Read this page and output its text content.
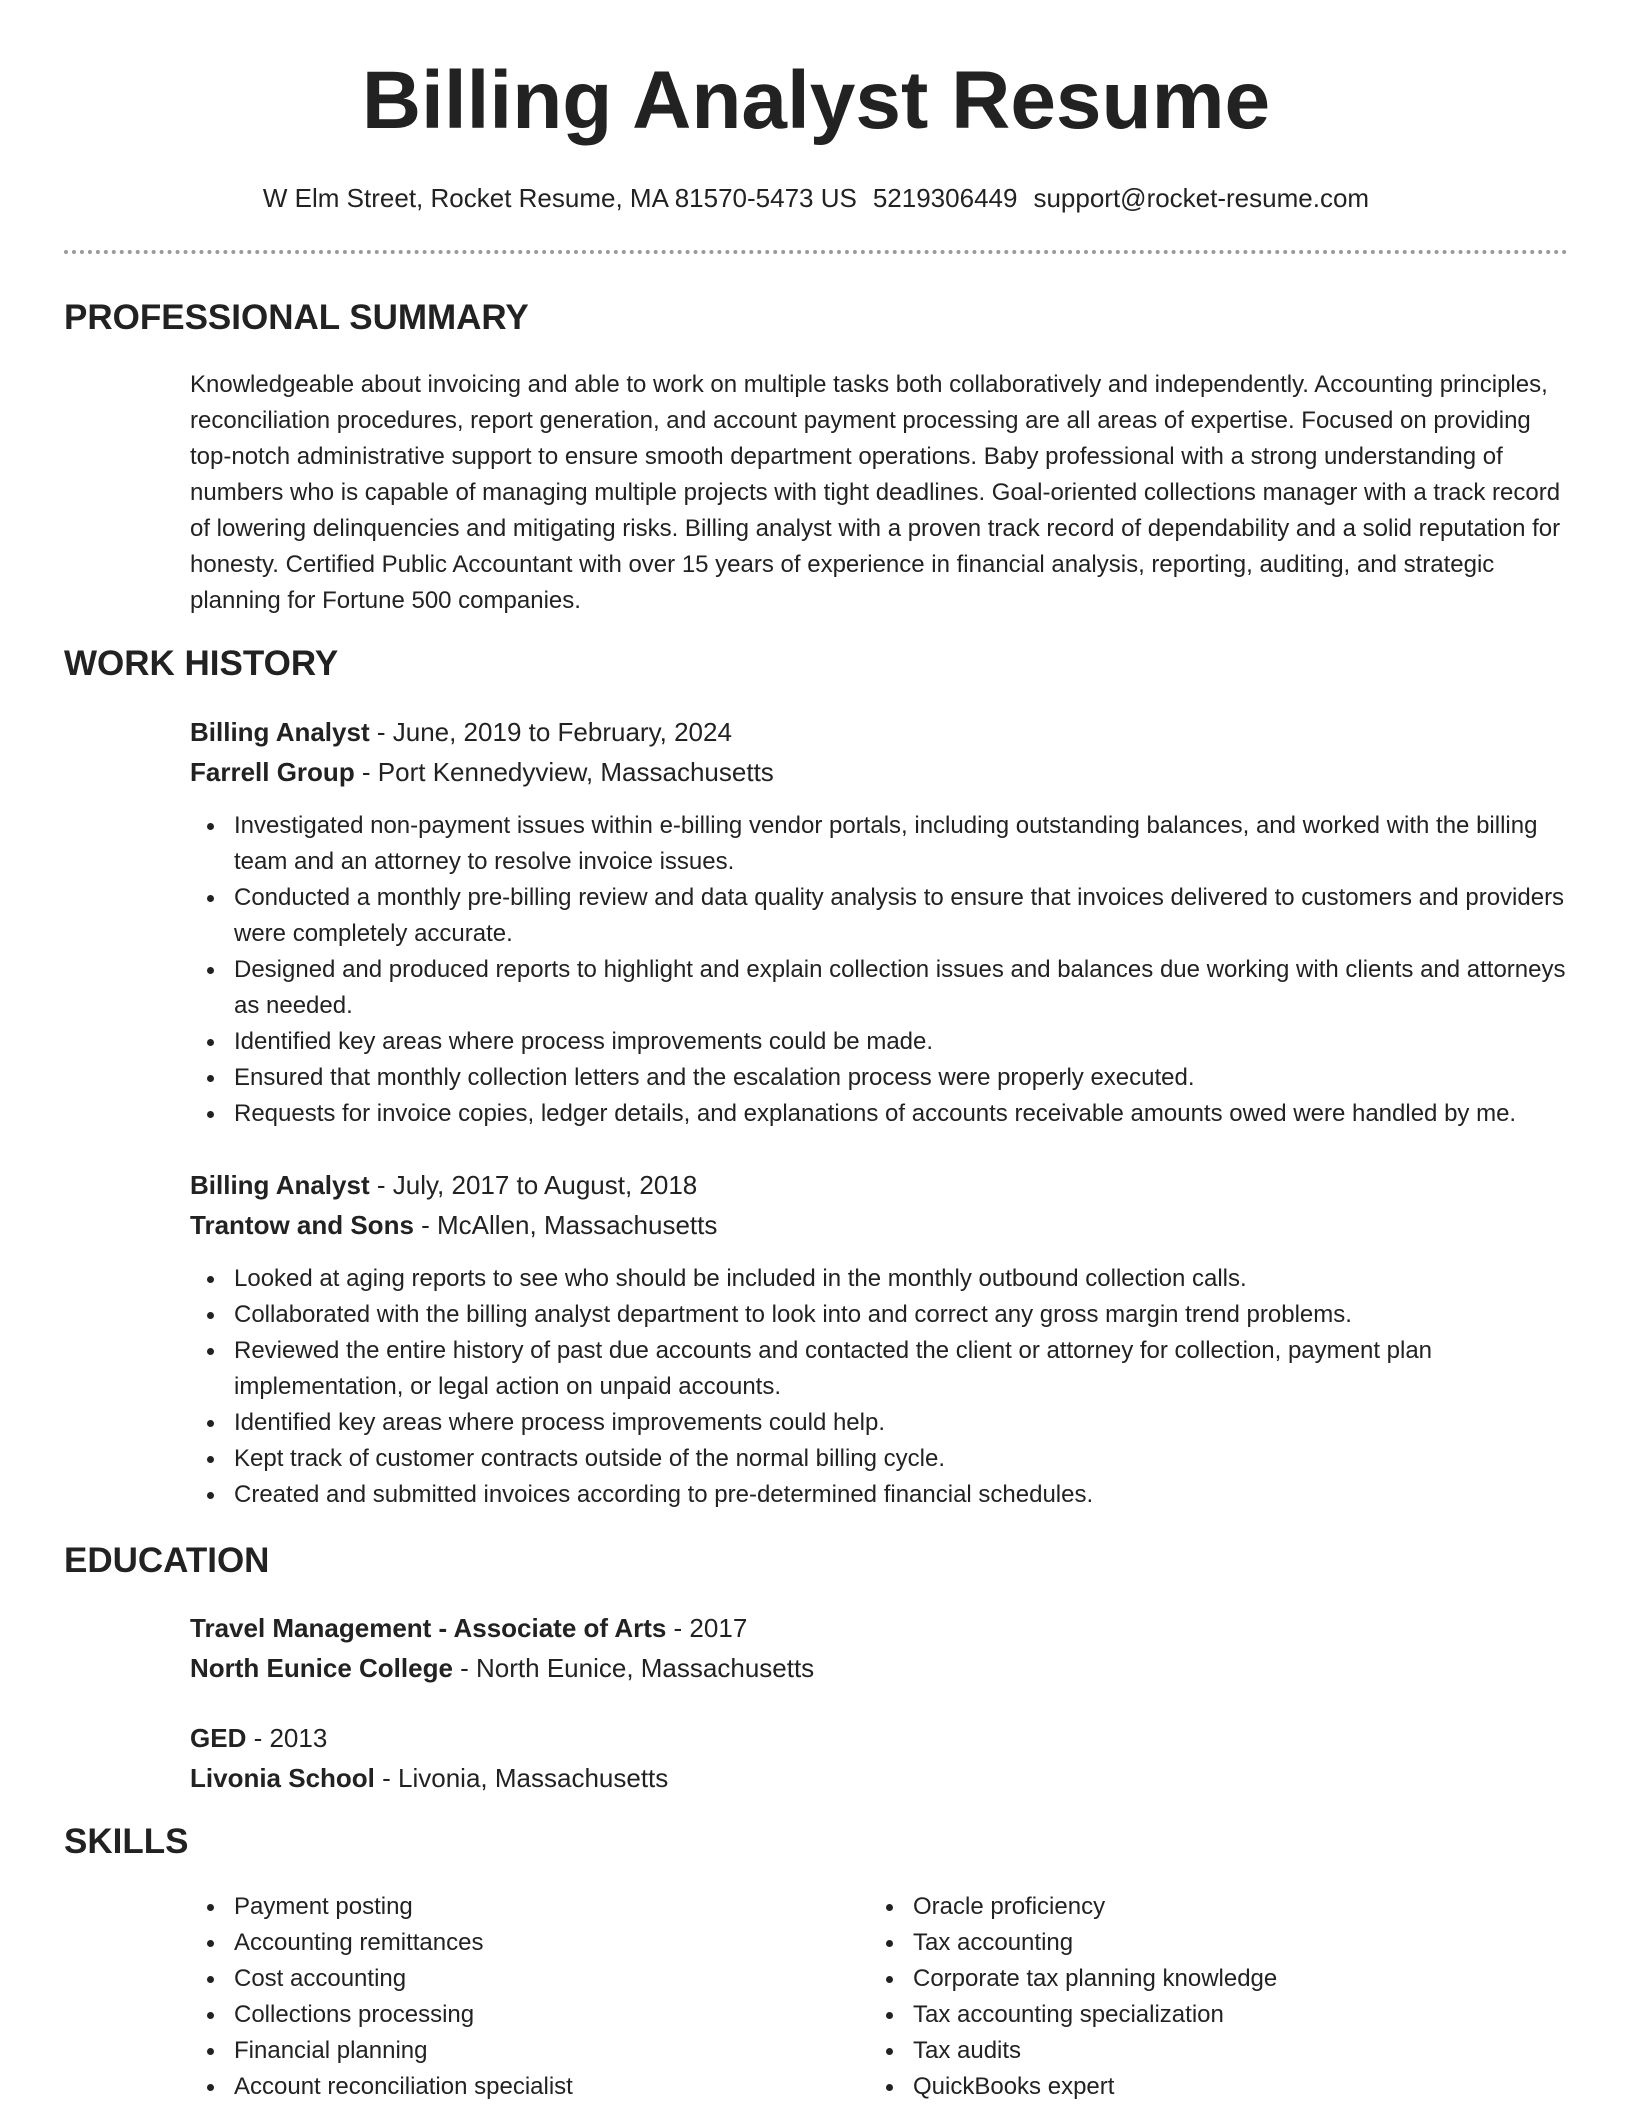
Billing Analyst Resume
W Elm Street, Rocket Resume, MA 81570-5473 US 5219306449 support@rocket-resume.com
PROFESSIONAL SUMMARY

Knowledgeable about invoicing and able to work on multiple tasks both collaboratively and independently. Accounting principles, reconciliation procedures, report generation, and account payment processing are all areas of expertise. Focused on providing top-notch administrative support to ensure smooth department operations. Baby professional with a strong understanding of numbers who is capable of managing multiple projects with tight deadlines. Goal-oriented collections manager with a track record of lowering delinquencies and mitigating risks. Billing analyst with a proven track record of dependability and a solid reputation for honesty. Certified Public Accountant with over 15 years of experience in financial analysis, reporting, auditing, and strategic planning for Fortune 500 companies.

WORK HISTORY
Billing Analyst - June, 2019 to February, 2024
Farrell Group - Port Kennedyview, Massachusetts
Investigated non-payment issues within e-billing vendor portals, including outstanding balances, and worked with the billing team and an attorney to resolve invoice issues.
Conducted a monthly pre-billing review and data quality analysis to ensure that invoices delivered to customers and providers were completely accurate.
Designed and produced reports to highlight and explain collection issues and balances due working with clients and attorneys as needed.
Identified key areas where process improvements could be made.
Ensured that monthly collection letters and the escalation process were properly executed.
Requests for invoice copies, ledger details, and explanations of accounts receivable amounts owed were handled by me.
Billing Analyst - July, 2017 to August, 2018
Trantow and Sons - McAllen, Massachusetts
Looked at aging reports to see who should be included in the monthly outbound collection calls.
Collaborated with the billing analyst department to look into and correct any gross margin trend problems.
Reviewed the entire history of past due accounts and contacted the client or attorney for collection, payment plan implementation, or legal action on unpaid accounts.
Identified key areas where process improvements could help.
Kept track of customer contracts outside of the normal billing cycle.
Created and submitted invoices according to pre-determined financial schedules.
EDUCATION
Travel Management - Associate of Arts - 2017
North Eunice College - North Eunice, Massachusetts
GED - 2013
Livonia School - Livonia, Massachusetts
SKILLS
Payment posting
Accounting remittances
Cost accounting
Collections processing
Financial planning
Account reconciliation specialist
Oracle proficiency
Tax accounting
Corporate tax planning knowledge
Tax accounting specialization
Tax audits
QuickBooks expert
